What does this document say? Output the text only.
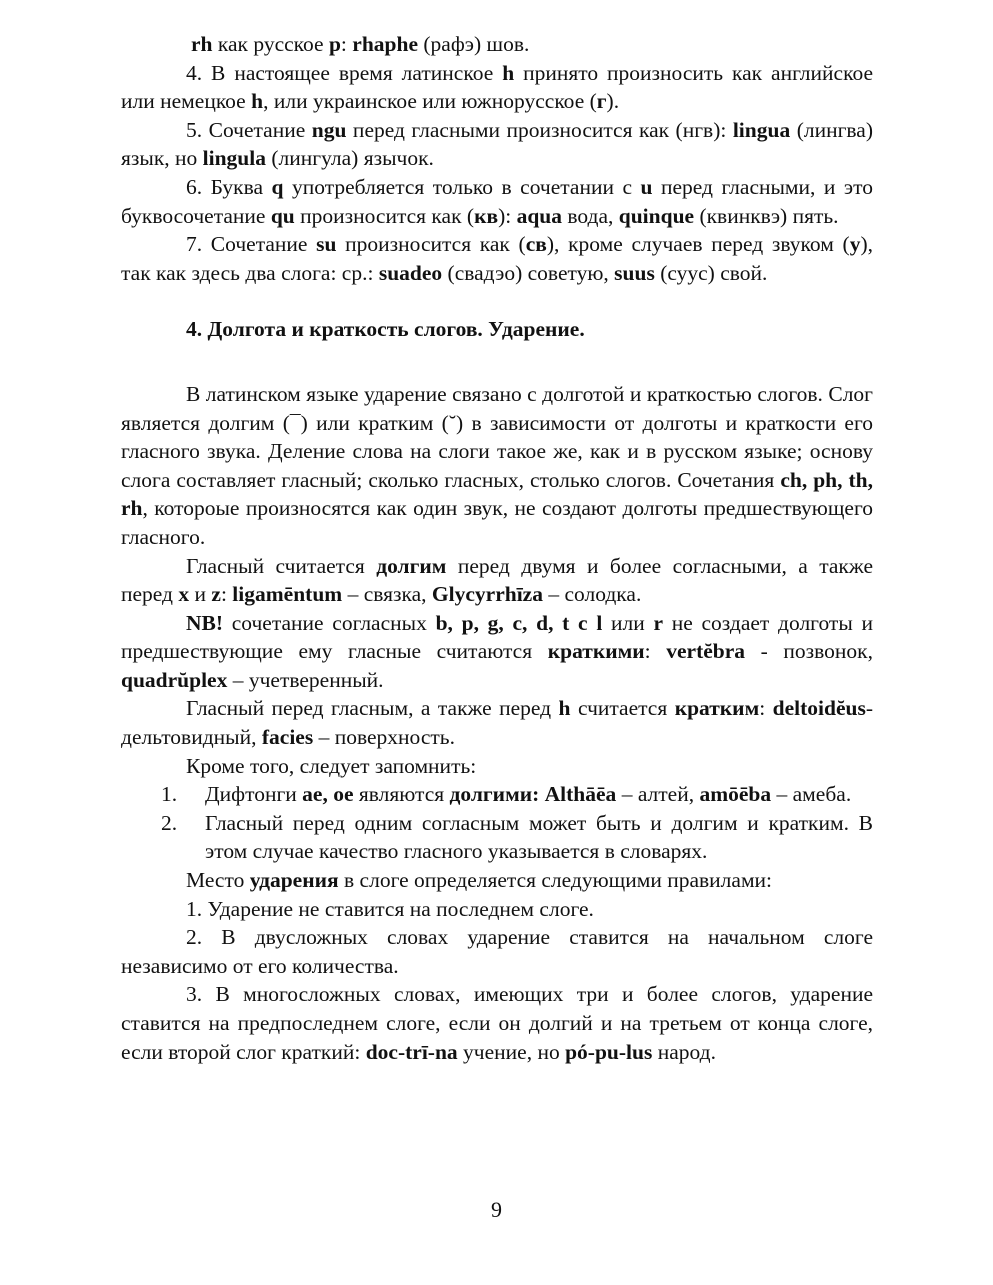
rh как русское р: rhaphe (рафэ) шов.

4. В настоящее время латинское h принято произносить как английское или немецкое h, или украинское или южнорусское (г).

5. Сочетание ngu перед гласными произносится как (нгв): lingua (лингва) язык, но lingula (лингула) язычок.

6. Буква q употребляется только в сочетании с u перед гласными, и это буквосочетание qu произносится как (кв): aqua вода, quinque (квинквэ) пять.

7. Сочетание su произносится как (св), кроме случаев перед звуком (у), так как здесь два слога: ср.: suadeo (свадэо) советую, suus (суус) свой.

4. Долгота и краткость слогов. Ударение.

В латинском языке ударение связано с долготой и краткостью слогов. Слог является долгим (¯) или кратким (˘) в зависимости от долготы и краткости его гласного звука. Деление слова на слоги такое же, как и в русском языке; основу слога составляет гласный; сколько гласных, столько слогов. Сочетания ch, ph, th, rh, котороые произносятся как один звук, не создают долготы предшествующего гласного.

Гласный считается долгим перед двумя и более согласными, а также перед x и z: ligamēntum – связка, Glycyrrhīza – солодка.

NB! сочетание согласных b, p, g, c, d, t c l или r не создает долготы и предшествующие ему гласные считаются краткими: vertĕbra - позвонок, quadrŭplex – учетверенный.

Гласный перед гласным, а также перед h считается кратким: deltoidĕus- дельтовидный, facies – поверхность.

Кроме того, следует запомнить:

1.	Дифтонги ае, ое являются долгими: Althāēa – алтей, amōēba – амеба.
2.	Гласный перед одним согласным может быть и долгим и кратким. В этом случае качество гласного указывается в словарях.

Место ударения в слоге определяется следующими правилами:

1. Ударение не ставится на последнем слоге.

2. В двусложных словах ударение ставится на начальном слоге независимо от его количества.

3. В многосложных словах, имеющих три и более слогов, ударение ставится на предпоследнем слоге, если он долгий и на третьем от конца слоге, если второй слог краткий: doc-trī-na учение, но pó-pu-lus народ.

9
